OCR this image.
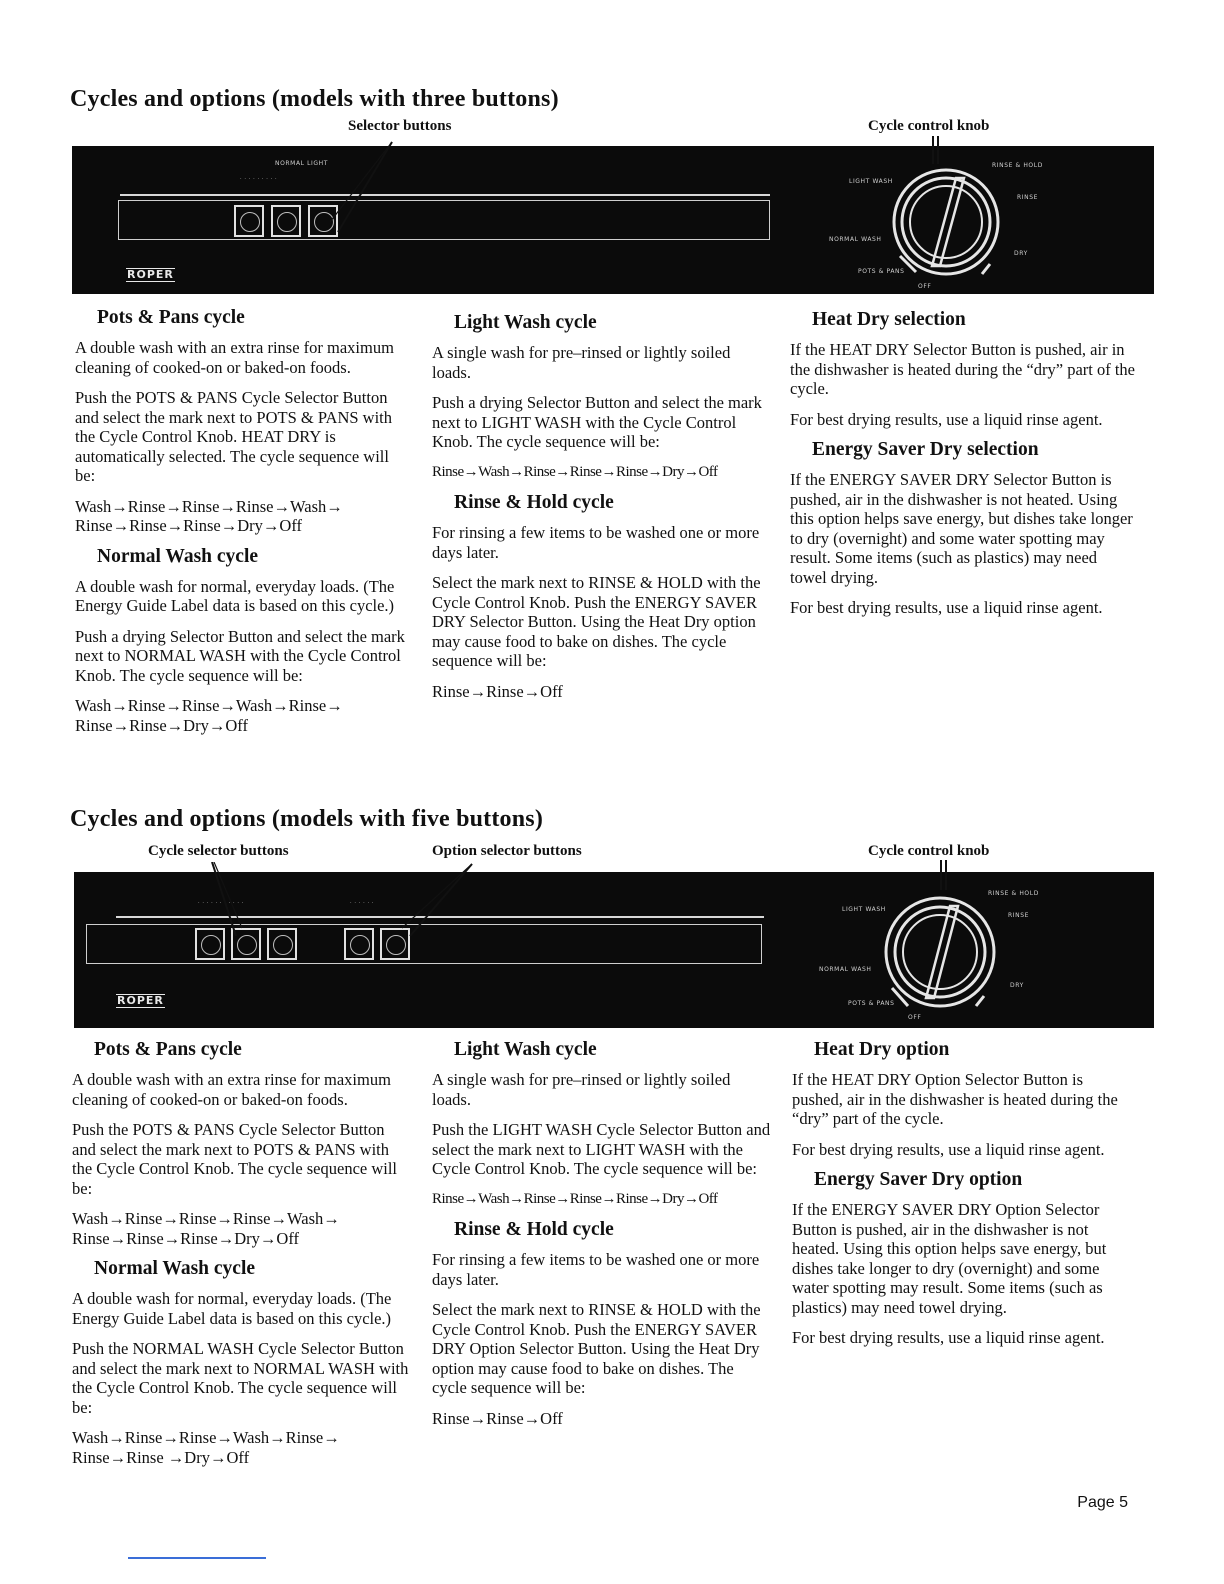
Cycles and options (models with three buttons)
Selector buttons	Cycle control knob
NORMAL LIGHT
· · · · · · · · ·
ROPER
LIGHT WASH
RINSE & HOLD
RINSE
NORMAL WASH
DRY
POTS & PANS
OFF
Pots & Pans cycle

A double wash with an extra rinse for maximum cleaning of cooked-on or baked-on foods.

Push the POTS & PANS Cycle Selector Button and select the mark next to POTS & PANS with the Cycle Control Knob. HEAT DRY is automatically selected. The cycle sequence will be:

Wash→Rinse→Rinse→Rinse→Wash→ Rinse→Rinse→Rinse→Dry→Off

Normal Wash cycle

A double wash for normal, everyday loads. (The Energy Guide Label data is based on this cycle.)

Push a drying Selector Button and select the mark next to NORMAL WASH with the Cycle Control Knob. The cycle sequence will be:

Wash→Rinse→Rinse→Wash→Rinse→ Rinse→Rinse→Dry→Off

Light Wash cycle

A single wash for pre–rinsed or lightly soiled loads.

Push a drying Selector Button and select the mark next to LIGHT WASH with the Cycle Control Knob. The cycle sequence will be:

Rinse→Wash→Rinse→Rinse→Rinse→Dry→Off

Rinse & Hold cycle

For rinsing a few items to be washed one or more days later.

Select the mark next to RINSE & HOLD with the Cycle Control Knob. Push the ENERGY SAVER DRY Selector Button. Using the Heat Dry option may cause food to bake on dishes. The cycle sequence will be:

Rinse→Rinse→Off

Heat Dry selection

If the HEAT DRY Selector Button is pushed, air in the dishwasher is heated during the “dry” part of the cycle.

For best drying results, use a liquid rinse agent.

Energy Saver Dry selection

If the ENERGY SAVER DRY Selector Button is pushed, air in the dishwasher is not heated. Using this option helps save energy, but dishes take longer to dry (overnight) and some water spotting may result. Some items (such as plastics) may need towel drying.

For best drying results, use a liquid rinse agent.

Cycles and options (models with five buttons)
Cycle selector buttons	Option selector buttons	Cycle control knob
· · · · · · · · · · ·	· · · · · ·
ROPER
LIGHT WASH
RINSE & HOLD
RINSE
NORMAL WASH
DRY
POTS & PANS
OFF
Pots & Pans cycle

A double wash with an extra rinse for maximum cleaning of cooked-on or baked-on foods.

Push the POTS & PANS Cycle Selector Button and select the mark next to POTS & PANS with the Cycle Control Knob. The cycle sequence will be:

Wash→Rinse→Rinse→Rinse→Wash→ Rinse→Rinse→Rinse→Dry→Off

Normal Wash cycle

A double wash for normal, everyday loads. (The Energy Guide Label data is based on this cycle.)

Push the NORMAL WASH Cycle Selector Button and select the mark next to NORMAL WASH with the Cycle Control Knob. The cycle sequence will be:

Wash→Rinse→Rinse→Wash→Rinse→ Rinse→Rinse →Dry→Off

Light Wash cycle

A single wash for pre–rinsed or lightly soiled loads.

Push the LIGHT WASH Cycle Selector Button and select the mark next to LIGHT WASH with the Cycle Control Knob. The cycle sequence will be:

Rinse→Wash→Rinse→Rinse→Rinse→Dry→Off

Rinse & Hold cycle

For rinsing a few items to be washed one or more days later.

Select the mark next to RINSE & HOLD with the Cycle Control Knob. Push the ENERGY SAVER DRY Option Selector Button. Using the Heat Dry option may cause food to bake on dishes. The cycle sequence will be:

Rinse→Rinse→Off

Heat Dry option

If the HEAT DRY Option Selector Button is pushed, air in the dishwasher is heated during the “dry” part of the cycle.

For best drying results, use a liquid rinse agent.

Energy Saver Dry option

If the ENERGY SAVER DRY Option Selector Button is pushed, air in the dishwasher is not heated. Using this option helps save energy, but dishes take longer to dry (overnight) and some water spotting may result. Some items (such as plastics) may need towel drying.

For best drying results, use a liquid rinse agent.

Page 5
